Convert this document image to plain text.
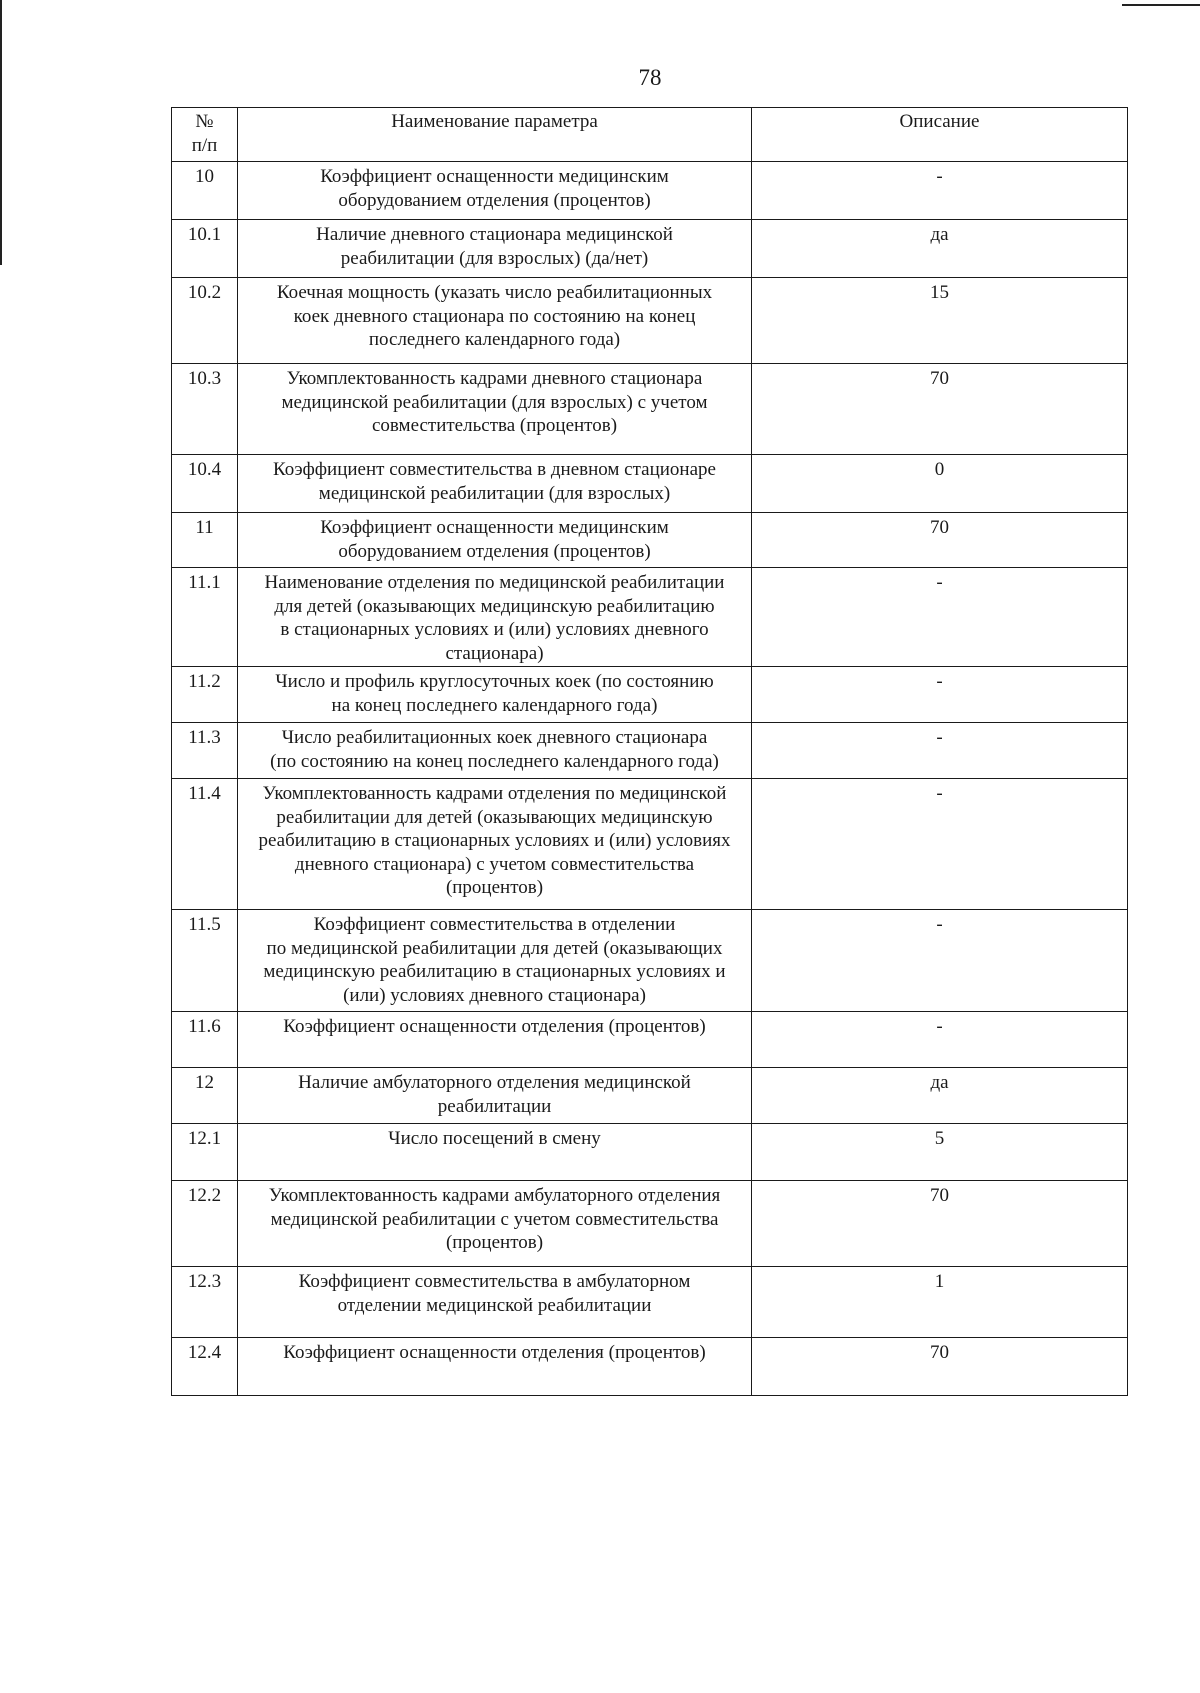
78
№
п/п	Наименование параметра	Описание
10	Коэффициент оснащенности медицинским
оборудованием отделения (процентов)	-
10.1	Наличие дневного стационара медицинской
реабилитации (для взрослых) (да/нет)	да
10.2	Коечная мощность (указать число реабилитационных
коек дневного стационара по состоянию на конец
последнего календарного года)	15
10.3	Укомплектованность кадрами дневного стационара
медицинской реабилитации (для взрослых) с учетом
совместительства (процентов)	70
10.4	Коэффициент совместительства в дневном стационаре
медицинской реабилитации (для взрослых)	0
11	Коэффициент оснащенности медицинским
оборудованием отделения (процентов)	70
11.1	Наименование отделения по медицинской реабилитации
для детей (оказывающих медицинскую реабилитацию
в стационарных условиях и (или) условиях дневного
стационара)	-
11.2	Число и профиль круглосуточных коек (по состоянию
на конец последнего календарного года)	-
11.3	Число реабилитационных коек дневного стационара
(по состоянию на конец последнего календарного года)	-
11.4	Укомплектованность кадрами отделения по медицинской
реабилитации для детей (оказывающих медицинскую
реабилитацию в стационарных условиях и (или) условиях
дневного стационара) с учетом совместительства
(процентов)	-
11.5	Коэффициент совместительства в отделении
по медицинской реабилитации для детей (оказывающих
медицинскую реабилитацию в стационарных условиях и
(или) условиях дневного стационара)	-
11.6	Коэффициент оснащенности отделения (процентов)	-
12	Наличие амбулаторного отделения медицинской
реабилитации	да
12.1	Число посещений в смену	5
12.2	Укомплектованность кадрами амбулаторного отделения
медицинской реабилитации с учетом совместительства
(процентов)	70
12.3	Коэффициент совместительства в амбулаторном
отделении медицинской реабилитации	1
12.4	Коэффициент оснащенности отделения (процентов)	70
